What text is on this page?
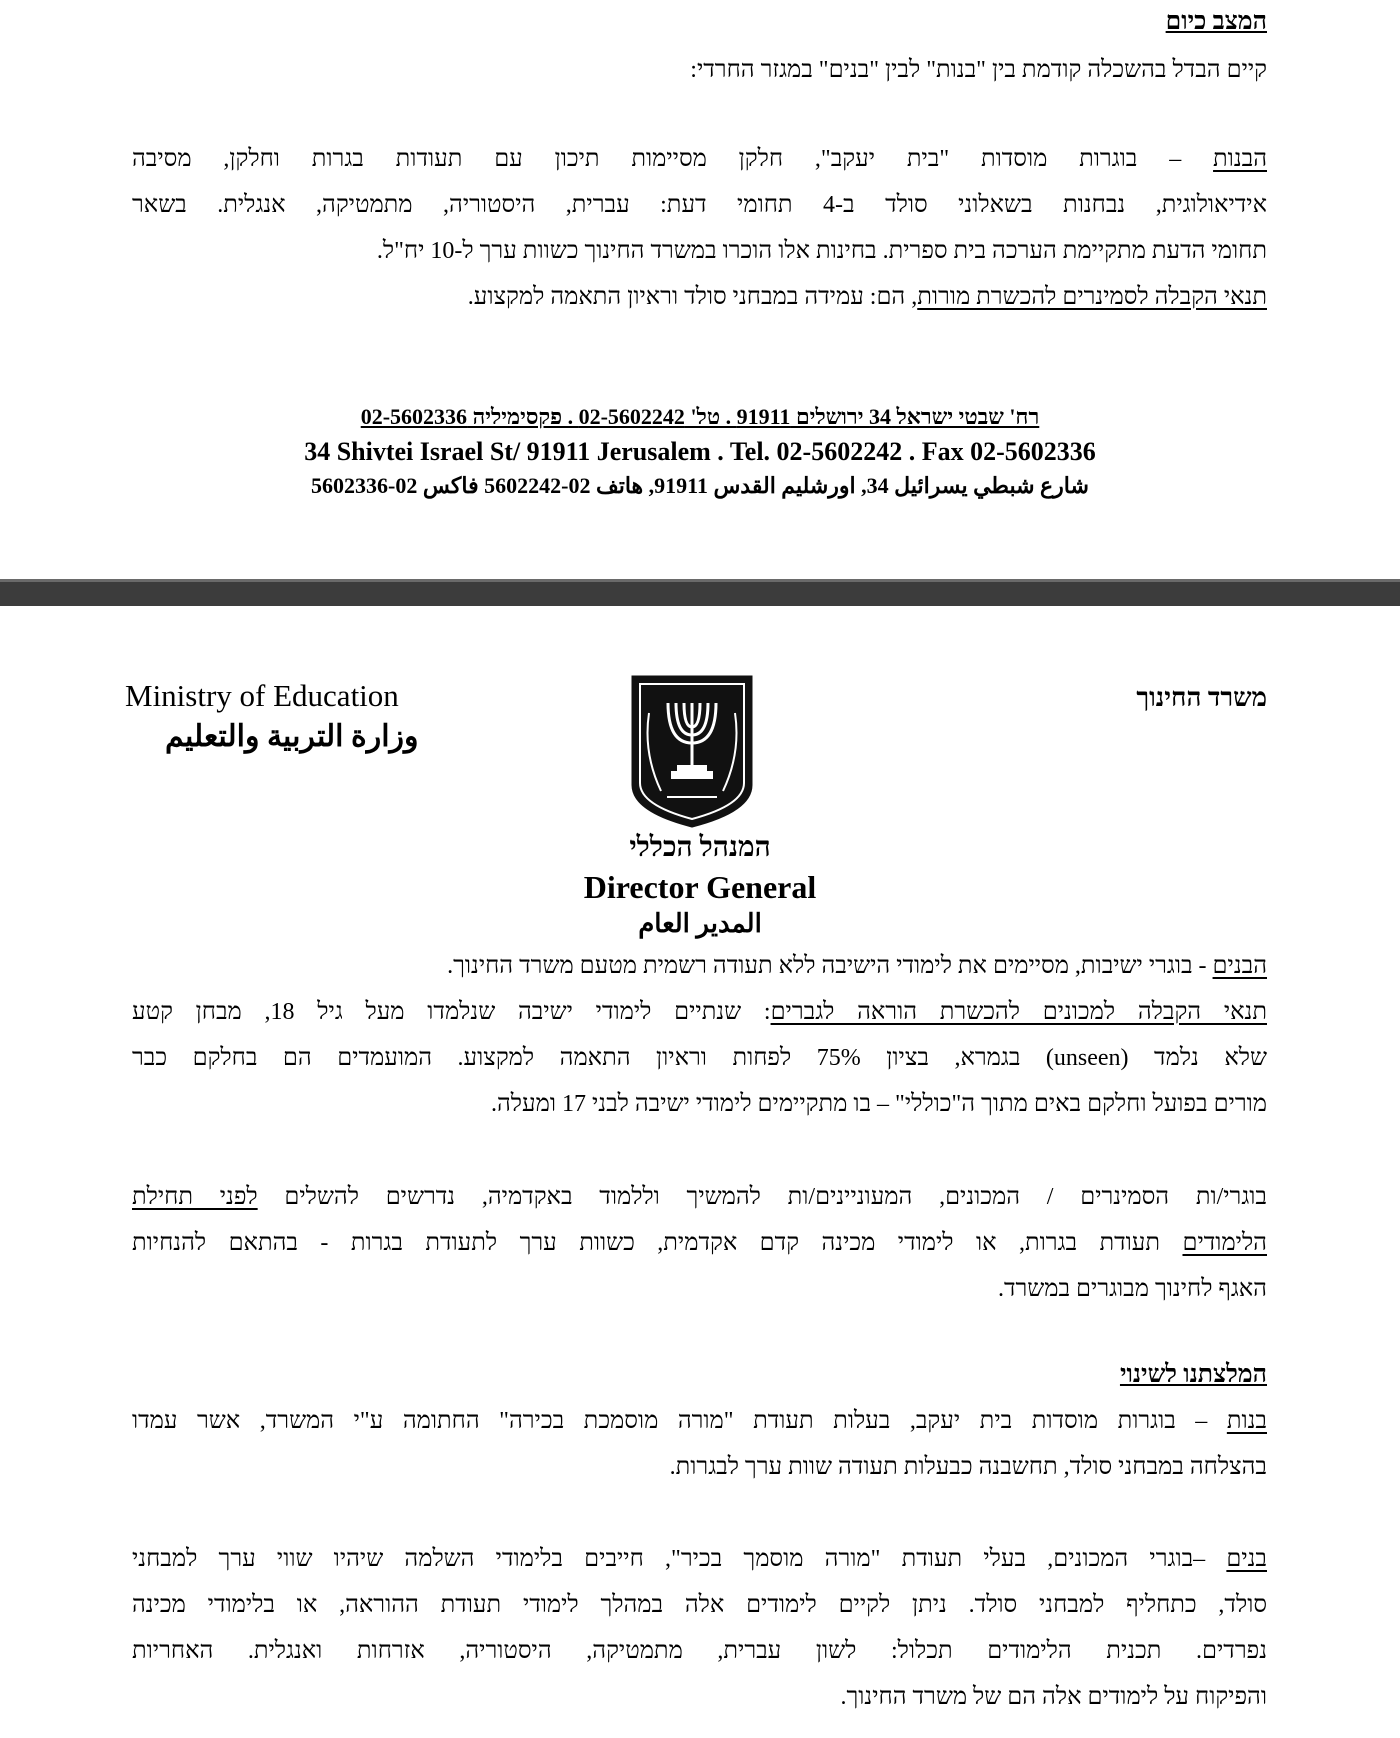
המצב כיום

קיים הבדל בהשכלה קודמת בין "בנות" לבין "בנים" במגזר החרדי:

הבנות – בוגרות מוסדות "בית יעקב", חלקן מסיימות תיכון עם תעודות בגרות וחלקן, מסיבה

אידיאולוגית, נבחנות בשאלוני סולד ב-4 תחומי דעת: עברית, היסטוריה, מתמטיקה, אנגלית. בשאר

תחומי הדעת מתקיימת הערכה בית ספרית. בחינות אלו הוכרו במשרד החינוך כשוות ערך ל-10 יח"ל.

תנאי הקבלה לסמינרים להכשרת מורות, הם: עמידה במבחני סולד וראיון התאמה למקצוע.

רח' שבטי ישראל 34 ירושלים 91911 . טל' 02-5602242 . פקסימיליה 02-5602336
34 Shivtei Israel St/ 91911 Jerusalem . Tel. 02-5602242 . Fax 02-5602336
شارع شبطي يسرائيل 34, اورشليم القدس 91911, هاتف 02-5602242 فاكس 02-5602336
Ministry of Education
وزارة التربية والتعليم
משרד החינוך
המנהל הכללי
Director General
المدير العام

הבנים - בוגרי ישיבות, מסיימים את לימודי הישיבה ללא תעודה רשמית מטעם משרד החינוך.

תנאי הקבלה למכונים להכשרת הוראה לגברים: שנתיים לימודי ישיבה שנלמדו מעל גיל 18, מבחן קטע

שלא נלמד (unseen) בגמרא, בציון 75% לפחות וראיון התאמה למקצוע. המועמדים הם בחלקם כבר

מורים בפועל וחלקם באים מתוך ה"כוללי" – בו מתקיימים לימודי ישיבה לבני 17 ומעלה.

בוגרי/ות הסמינרים / המכונים, המעוניינים/ות להמשיך וללמוד באקדמיה, נדרשים להשלים לפני תחילת

הלימודים תעודת בגרות, או לימודי מכינה קדם אקדמית, כשוות ערך לתעודת בגרות - בהתאם להנחיות

האגף לחינוך מבוגרים במשרד.

המלצתנו לשינוי

בנות – בוגרות מוסדות בית יעקב, בעלות תעודת "מורה מוסמכת בכירה" החתומה ע"י המשרד, אשר עמדו

בהצלחה במבחני סולד, תחשבנה כבעלות תעודה שוות ערך לבגרות.

בנים –בוגרי המכונים, בעלי תעודת "מורה מוסמך בכיר", חייבים בלימודי השלמה שיהיו שווי ערך למבחני

סולד, כתחליף למבחני סולד. ניתן לקיים לימודים אלה במהלך לימודי תעודת ההוראה, או בלימודי מכינה

נפרדים. תכנית הלימודים תכלול: לשון עברית, מתמטיקה, היסטוריה, אזרחות ואנגלית. האחריות

והפיקוח על לימודים אלה הם של משרד החינוך.
